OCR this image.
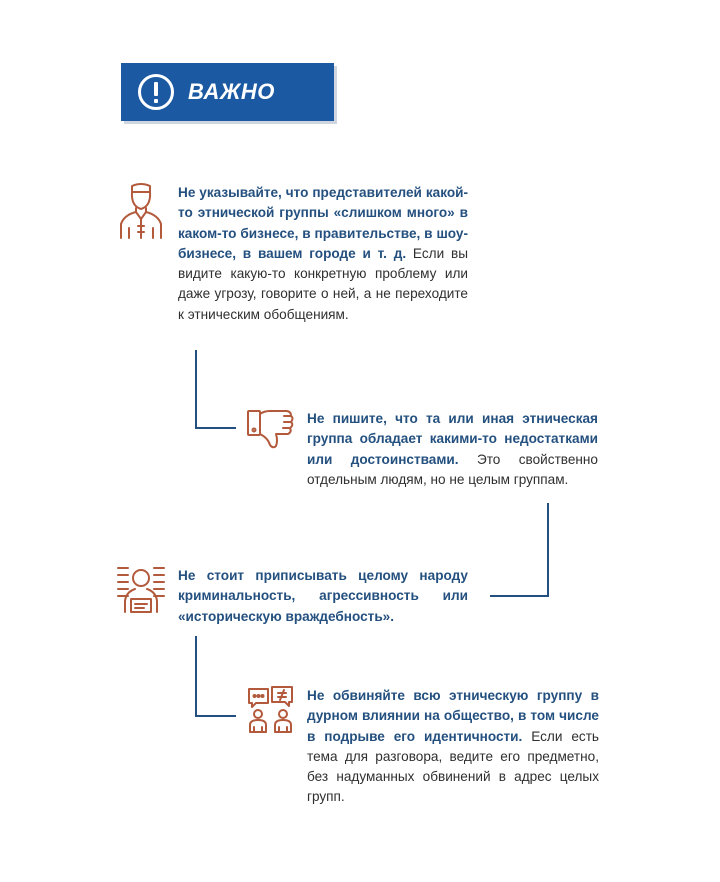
ВАЖНО
Не указывайте, что представителей какой-то этнической группы «слишком много» в каком-то бизнесе, в правительстве, в шоу-бизнесе, в вашем городе и т. д. Если вы видите какую-то конкретную проблему или даже угрозу, говорите о ней, а не переходите к этническим обобщениям.
Не пишите, что та или иная этническая группа обладает какими-то недостатками или достоинствами. Это свойственно отдельным людям, но не целым группам.
Не стоит приписывать целому народу криминальность, агрессивность или «историческую враждебность».
Не обвиняйте всю этническую группу в дурном влиянии на общество, в том числе в подрыве его идентичности. Если есть тема для разговора, ведите его предметно, без надуманных обвинений в адрес целых групп.
